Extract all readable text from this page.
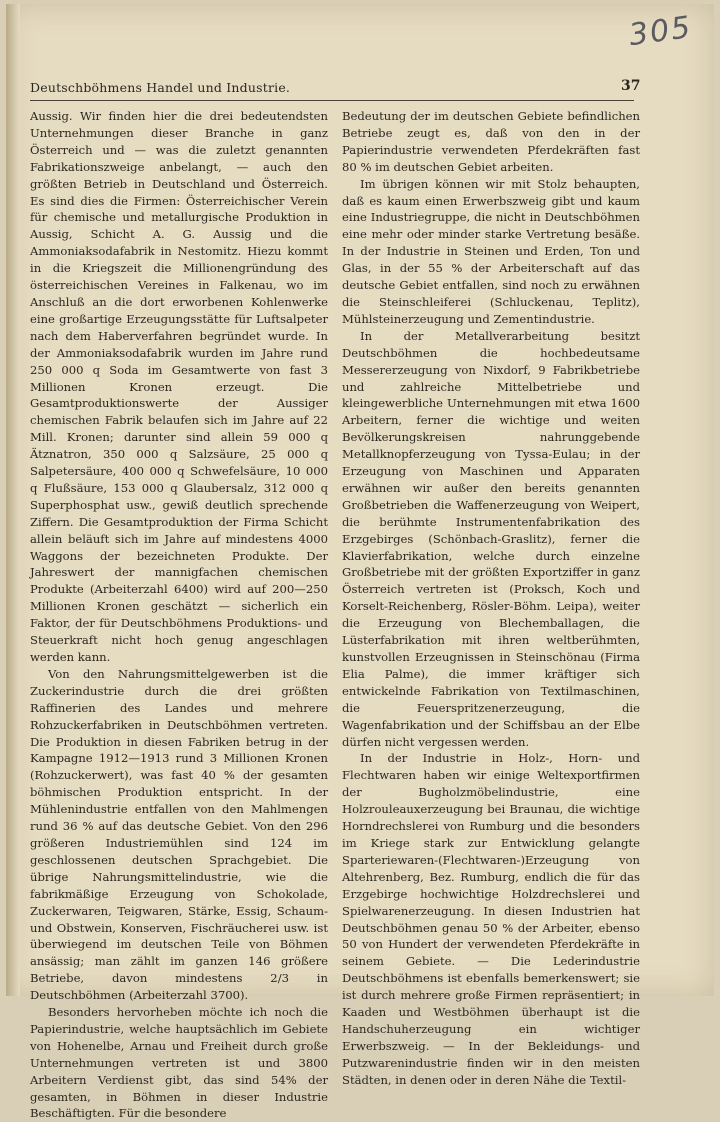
305
Deutschböhmens Handel und Industrie.	37

Aussig. Wir finden hier die drei bedeutendsten Unternehmungen dieser Branche in ganz Österreich und — was die zuletzt genannten Fabrikationszweige anbelangt, — auch den größten Betrieb in Deutschland und Österreich. Es sind dies die Firmen: Österreichischer Verein für chemische und metallurgische Produktion in Aussig, Schicht A. G. Aussig und die Ammoniaksodafabrik in Nestomitz. Hiezu kommt in die Kriegszeit die Millionengründung des österreichischen Vereines in Falkenau, wo im Anschluß an die dort erworbenen Kohlenwerke eine großartige Erzeugungsstätte für Luftsalpeter nach dem Haberverfahren begründet wurde. In der Ammoniaksodafabrik wurden im Jahre rund 250 000 q Soda im Gesamtwerte von fast 3 Millionen Kronen erzeugt. Die Gesamtproduktionswerte der Aussiger chemischen Fabrik belaufen sich im Jahre auf 22 Mill. Kronen; darunter sind allein 59 000 q Ätznatron, 350 000 q Salzsäure, 25 000 q Salpetersäure, 400 000 q Schwefelsäure, 10 000 q Flußsäure, 153 000 q Glaubersalz, 312 000 q Superphosphat usw., gewiß deutlich sprechende Ziffern. Die Gesamtproduktion der Firma Schicht allein beläuft sich im Jahre auf mindestens 4000 Waggons der bezeichneten Produkte. Der Jahreswert der mannigfachen chemischen Produkte (Arbeiterzahl 6400) wird auf 200—250 Millionen Kronen geschätzt — sicherlich ein Faktor, der für Deutschböhmens Produktions- und Steuerkraft nicht hoch genug angeschlagen werden kann.

Von den Nahrungsmittelgewerben ist die Zuckerindustrie durch die drei größten Raffinerien des Landes und mehrere Rohzuckerfabriken in Deutschböhmen vertreten. Die Produktion in diesen Fabriken betrug in der Kampagne 1912—1913 rund 3 Millionen Kronen (Rohzuckerwert), was fast 40 % der gesamten böhmischen Produktion entspricht. In der Mühlenindustrie entfallen von den Mahlmengen rund 36 % auf das deutsche Gebiet. Von den 296 größeren Industriemühlen sind 124 im geschlossenen deutschen Sprachgebiet. Die übrige Nahrungsmittelindustrie, wie die fabrikmäßige Erzeugung von Schokolade, Zuckerwaren, Teigwaren, Stärke, Essig, Schaum- und Obstwein, Konserven, Fischräucherei usw. ist überwiegend im deutschen Teile von Böhmen ansässig; man zählt im ganzen 146 größere Betriebe, davon mindestens 2/3 in Deutschböhmen (Arbeiterzahl 3700).

Besonders hervorheben möchte ich noch die Papierindustrie, welche hauptsächlich im Gebiete von Hohenelbe, Arnau und Freiheit durch große Unternehmungen vertreten ist und 3800 Arbeitern Verdienst gibt, das sind 54% der gesamten, in Böhmen in dieser Industrie Beschäftigten. Für die besondere

Bedeutung der im deutschen Gebiete befindlichen Betriebe zeugt es, daß von den in der Papierindustrie verwendeten Pferdekräften fast 80 % im deutschen Gebiet arbeiten.

Im übrigen können wir mit Stolz behaupten, daß es kaum einen Erwerbszweig gibt und kaum eine Industriegruppe, die nicht in Deutschböhmen eine mehr oder minder starke Vertretung besäße. In der Industrie in Steinen und Erden, Ton und Glas, in der 55 % der Arbeiterschaft auf das deutsche Gebiet entfallen, sind noch zu erwähnen die Steinschleiferei (Schluckenau, Teplitz), Mühlsteinerzeugung und Zementindustrie.

In der Metallverarbeitung besitzt Deutschböhmen die hochbedeutsame Messererzeugung von Nixdorf, 9 Fabrikbetriebe und zahlreiche Mittelbetriebe und kleingewerbliche Unternehmungen mit etwa 1600 Arbeitern, ferner die wichtige und weiten Bevölkerungskreisen nahrunggebende Metallknopferzeugung von Tyssa-Eulau; in der Erzeugung von Maschinen und Apparaten erwähnen wir außer den bereits genannten Großbetrieben die Waffenerzeugung von Weipert, die berühmte Instrumentenfabrikation des Erzgebirges (Schönbach-Graslitz), ferner die Klavierfabrikation, welche durch einzelne Großbetriebe mit der größten Exportziffer in ganz Österreich vertreten ist (Proksch, Koch und Korselt-Reichenberg, Rösler-Böhm. Leipa), weiter die Erzeugung von Blechemballagen, die Lüsterfabrikation mit ihren weltberühmten, kunstvollen Erzeugnissen in Steinschönau (Firma Elia Palme), die immer kräftiger sich entwickelnde Fabrikation von Textilmaschinen, die Feuerspritzenerzeugung, die Wagenfabrikation und der Schiffsbau an der Elbe dürfen nicht vergessen werden.

In der Industrie in Holz-, Horn- und Flechtwaren haben wir einige Weltexportfirmen der Bugholzmöbelindustrie, eine Holzrouleauxerzeugung bei Braunau, die wichtige Horndrechslerei von Rumburg und die besonders im Kriege stark zur Entwicklung gelangte Sparteriewaren-(Flechtwaren-)Erzeugung von Altehrenberg, Bez. Rumburg, endlich die für das Erzgebirge hochwichtige Holzdrechslerei und Spielwarenerzeugung. In diesen Industrien hat Deutschböhmen genau 50 % der Arbeiter, ebenso 50 von Hundert der verwendeten Pferdekräfte in seinem Gebiete. — Die Lederindustrie Deutschböhmens ist ebenfalls bemerkenswert; sie ist durch mehrere große Firmen repräsentiert; in Kaaden und Westböhmen überhaupt ist die Handschuherzeugung ein wichtiger Erwerbszweig. — In der Bekleidungs- und Putzwarenindustrie finden wir in den meisten Städten, in denen oder in deren Nähe die Textil-
